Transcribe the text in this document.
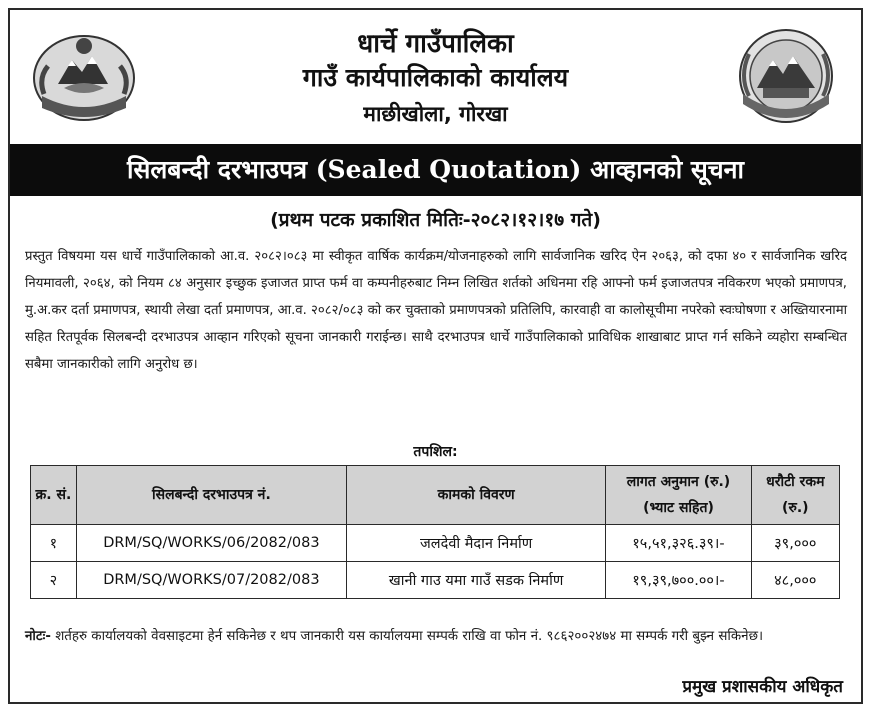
धार्चे गाउँपालिका
गाउँ कार्यपालिकाको कार्यालय
माछीखोला, गोरखा
सिलबन्दी दरभाउपत्र (Sealed Quotation) आव्हानको सूचना
(प्रथम पटक प्रकाशित मितिः-२०८२।१२।१७ गते)
प्रस्तुत विषयमा यस धार्चे गाउँपालिकाको आ.व. २०८२।०८३ मा स्वीकृत वार्षिक कार्यक्रम/योजनाहरुको लागि सार्वजानिक खरिद ऐन २०६३, को दफा ४० र सार्वजानिक खरिद नियमावली, २०६४, को नियम ८४ अनुसार इच्छुक इजाजत प्राप्त फर्म वा कम्पनीहरुबाट निम्न लिखित शर्तको अधिनमा रहि आफ्नो फर्म इजाजतपत्र नविकरण भएको प्रमाणपत्र, मु.अ.कर दर्ता प्रमाणपत्र, स्थायी लेखा दर्ता प्रमाणपत्र, आ.व. २०८२/०८३ को कर चुक्ताको प्रमाणपत्रको प्रतिलिपि, कारवाही वा कालोसूचीमा नपरेको स्वःघोषणा र अख्तियारनामा सहित रितपूर्वक सिलबन्दी दरभाउपत्र आव्हान गरिएको सूचना जानकारी गराईन्छ। साथै दरभाउपत्र धार्चे गाउँपालिकाको प्राविधिक शाखाबाट प्राप्त गर्न सकिने व्यहोरा सम्बन्धित सबैमा जानकारीको लागि अनुरोध छ।
तपशिल:
क्र. सं.	सिलबन्दी दरभाउपत्र नं.	कामको विवरण	लागत अनुमान (रु.) (भ्याट सहित)	धरौटी रकम (रु.)
१	DRM/SQ/WORKS/06/2082/083	जलदेवी मैदान निर्माण	१५,५१,३२६.३९।-	३९,०००
२	DRM/SQ/WORKS/07/2082/083	खानी गाउ यमा गाउँ सडक निर्माण	१९,३९,७००.००।-	४८,०००
नोटः- शर्तहरु कार्यालयको वेवसाइटमा हेर्न सकिनेछ र थप जानकारी यस कार्यालयमा सम्पर्क राखि वा फोन नं. ९८६२००२४७४ मा सम्पर्क गरी बुझ्न सकिनेछ।
प्रमुख प्रशासकीय अधिकृत
